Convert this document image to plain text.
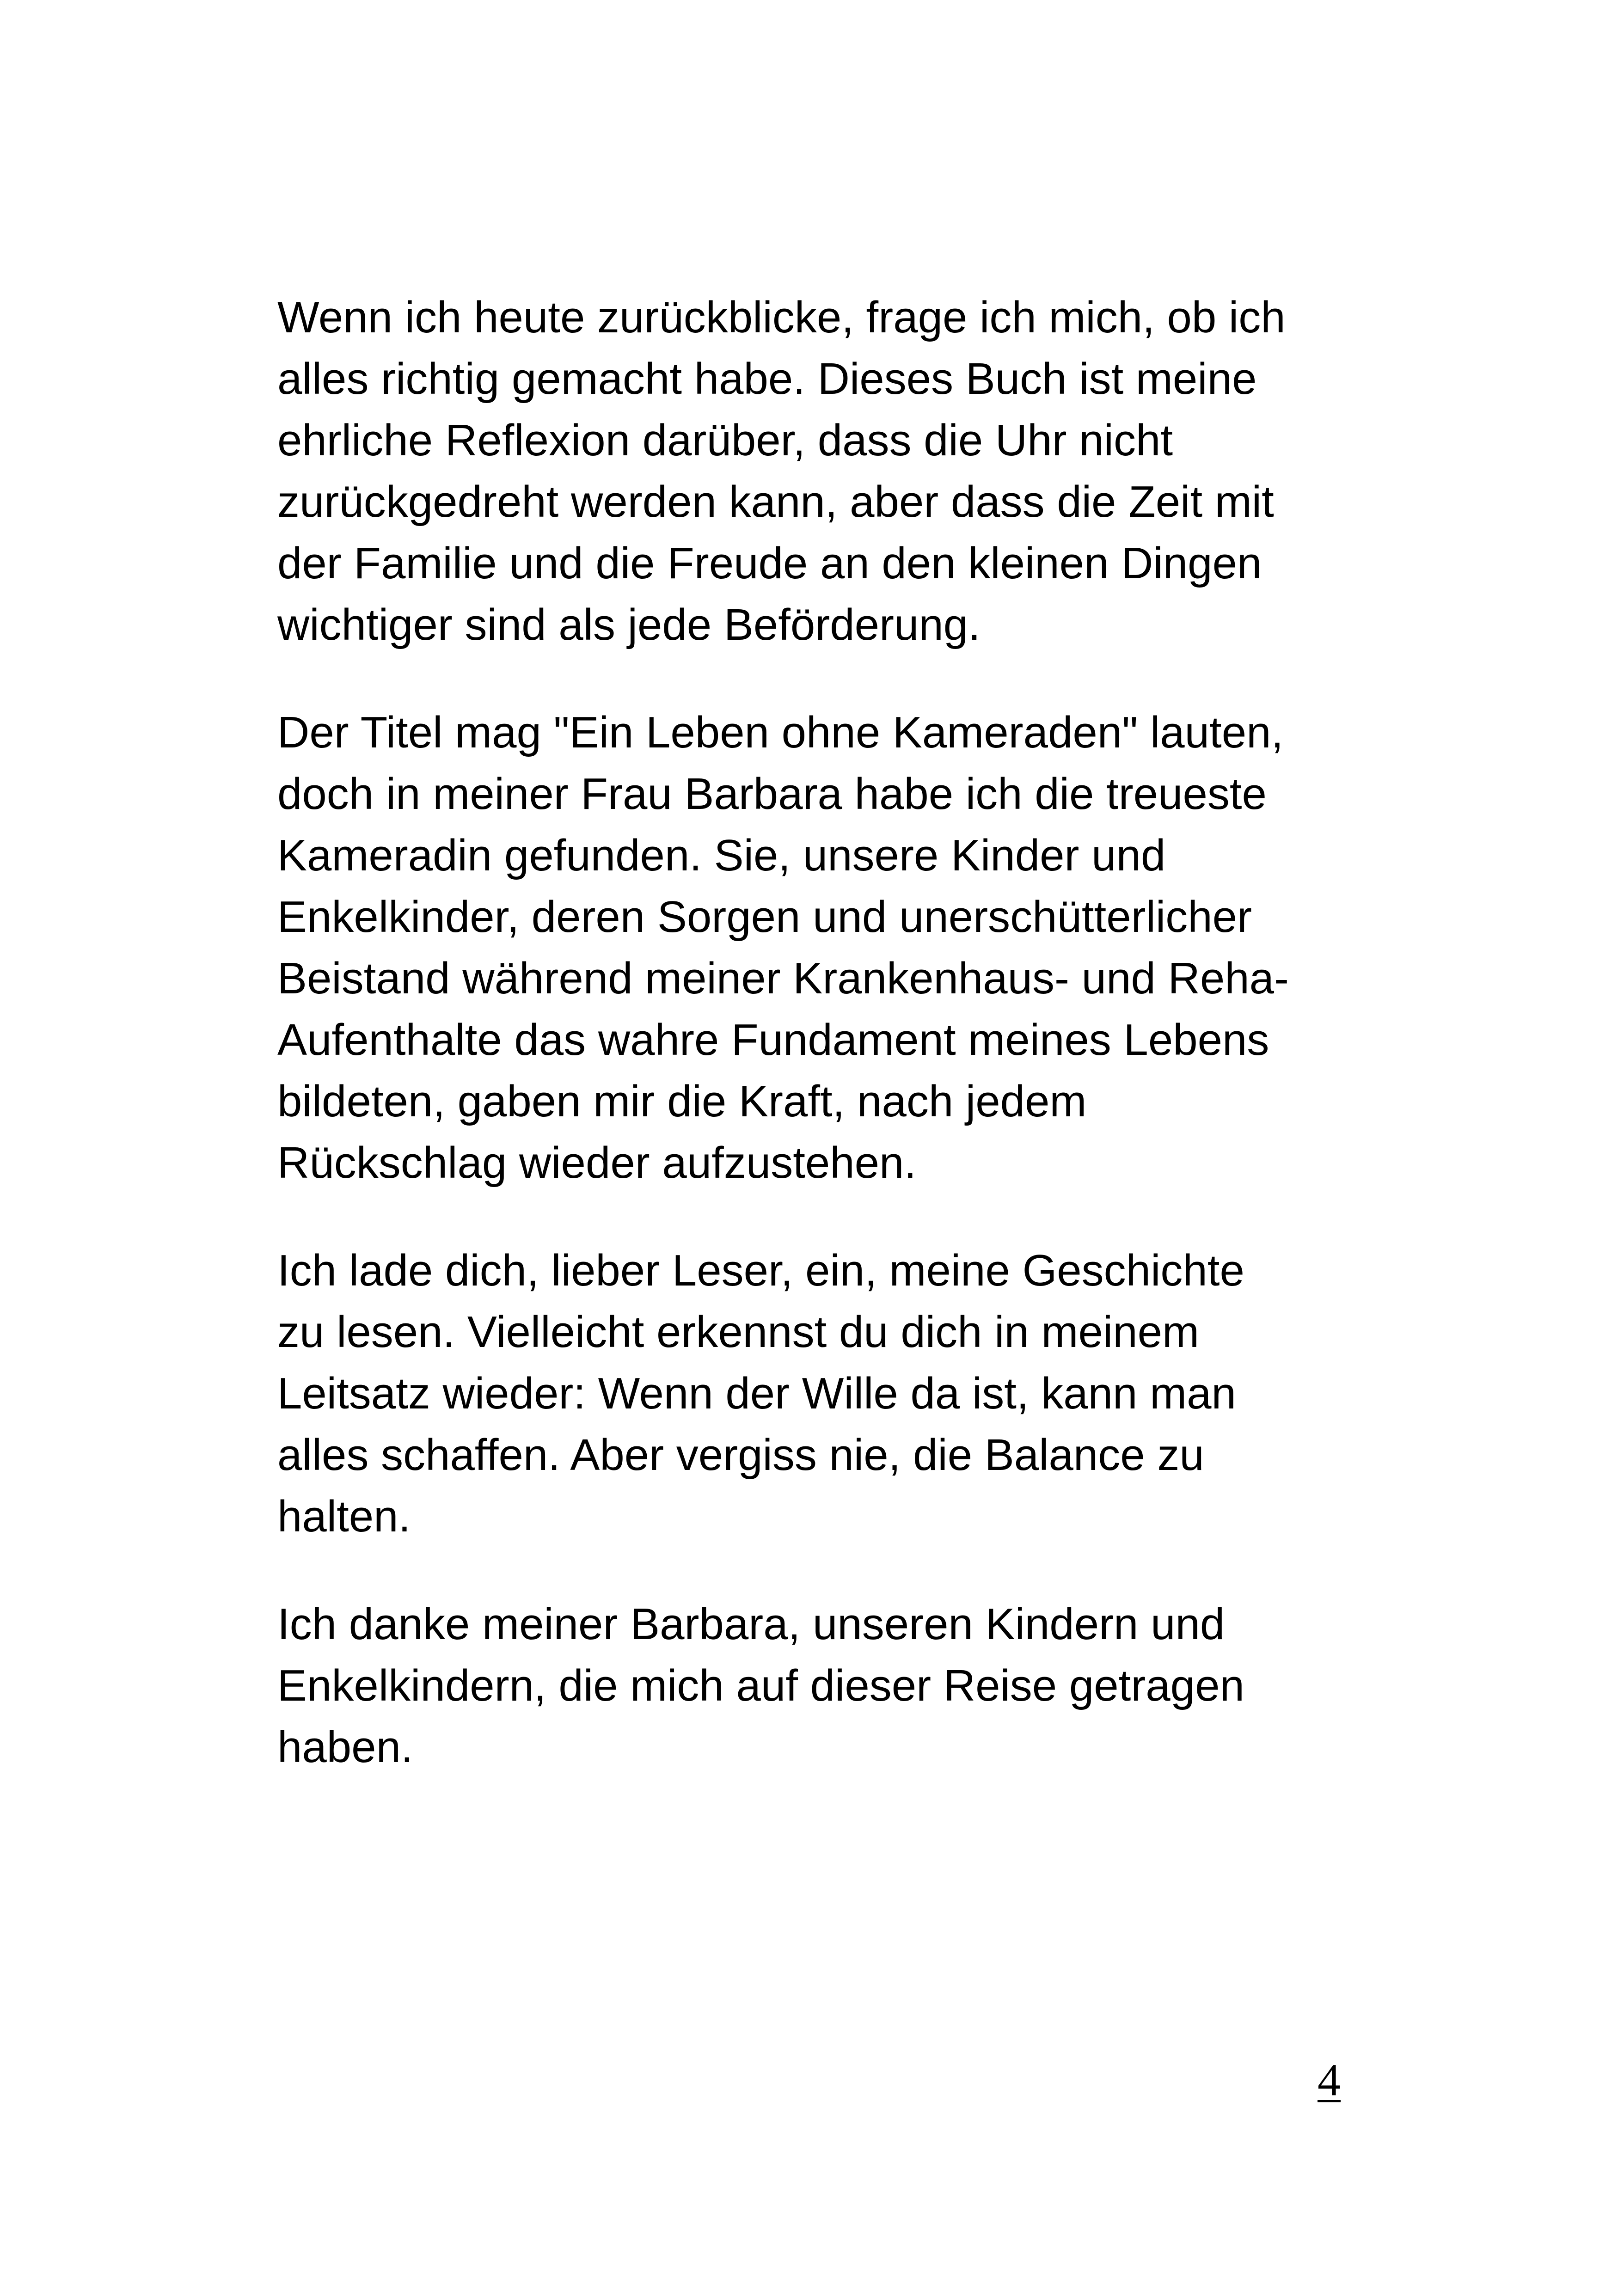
Wenn ich heute zurückblicke, frage ich mich, ob ich
alles richtig gemacht habe. Dieses Buch ist meine
ehrliche Reflexion darüber, dass die Uhr nicht
zurückgedreht werden kann, aber dass die Zeit mit
der Familie und die Freude an den kleinen Dingen
wichtiger sind als jede Beförderung.

Der Titel mag "Ein Leben ohne Kameraden" lauten,
doch in meiner Frau Barbara habe ich die treueste
Kameradin gefunden. Sie, unsere Kinder und
Enkelkinder, deren Sorgen und unerschütterlicher
Beistand während meiner Krankenhaus- und Reha-
Aufenthalte das wahre Fundament meines Lebens
bildeten, gaben mir die Kraft, nach jedem
Rückschlag wieder aufzustehen.

Ich lade dich, lieber Leser, ein, meine Geschichte
zu lesen. Vielleicht erkennst du dich in meinem
Leitsatz wieder: Wenn der Wille da ist, kann man
alles schaffen. Aber vergiss nie, die Balance zu
halten.

Ich danke meiner Barbara, unseren Kindern und
Enkelkindern, die mich auf dieser Reise getragen
haben.

4
